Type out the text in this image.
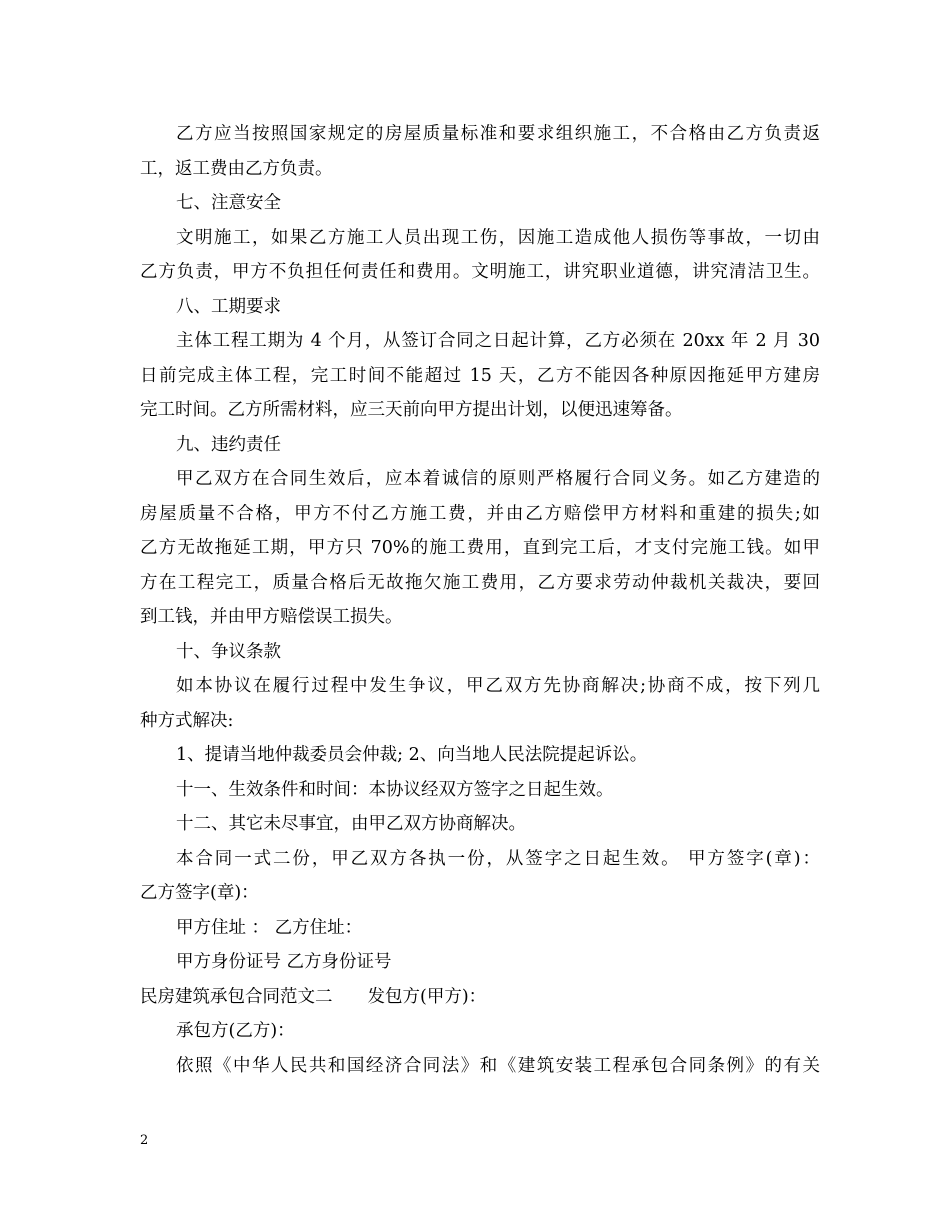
乙方应当按照国家规定的房屋质量标准和要求组织施工，不合格由乙方负责返
工，返工费由乙方负责。
七、注意安全
文明施工，如果乙方施工人员出现工伤，因施工造成他人损伤等事故，一切由
乙方负责，甲方不负担任何责任和费用。文明施工，讲究职业道德，讲究清洁卫生。
八、工期要求
主体工程工期为 4 个月，从签订合同之日起计算，乙方必须在 20xx 年 2 月 30
日前完成主体工程，完工时间不能超过 15 天，乙方不能因各种原因拖延甲方建房
完工时间。乙方所需材料，应三天前向甲方提出计划，以便迅速筹备。
九、违约责任
甲乙双方在合同生效后，应本着诚信的原则严格履行合同义务。如乙方建造的
房屋质量不合格，甲方不付乙方施工费，并由乙方赔偿甲方材料和重建的损失;如
乙方无故拖延工期，甲方只 70%的施工费用，直到完工后，才支付完施工钱。如甲
方在工程完工，质量合格后无故拖欠施工费用，乙方要求劳动仲裁机关裁决，要回
到工钱，并由甲方赔偿误工损失。
十、争议条款
如本协议在履行过程中发生争议，甲乙双方先协商解决;协商不成，按下列几
种方式解决:
1、提请当地仲裁委员会仲裁; 2、向当地人民法院提起诉讼。
十一、生效条件和时间：本协议经双方签字之日起生效。
十二、其它未尽事宜，由甲乙双方协商解决。
本合同一式二份，甲乙双方各执一份，从签字之日起生效。 甲方签字(章)：
乙方签字(章)：
甲方住址 ： 乙方住址：
甲方身份证号 乙方身份证号
民房建筑承包合同范文二　　发包方(甲方)：
承包方(乙方)：
依照《中华人民共和国经济合同法》和《建筑安装工程承包合同条例》的有关
2
